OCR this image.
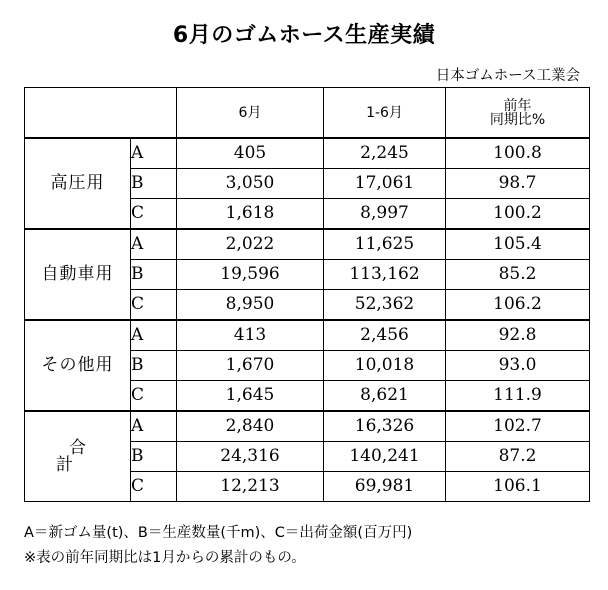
6月のゴムホース生産実績
日本ゴムホース工業会
		6月	1-6月	前年
同期比%
高圧用	A	405	2,245	100.8
	B	3,050	17,061	98.7
	C	1,618	8,997	100.2
自動車用	A	2,022	11,625	105.4
	B	19,596	113,162	85.2
	C	8,950	52,362	106.2
その他用	A	413	2,456	92.8
	B	1,670	10,018	93.0
	C	1,645	8,621	111.9
合計	A	2,840	16,326	102.7
	B	24,316	140,241	87.2
	C	12,213	69,981	106.1
A＝新ゴム量(t)、B＝生産数量(千m)、C＝出荷金額(百万円)
※表の前年同期比は1月からの累計のもの。
